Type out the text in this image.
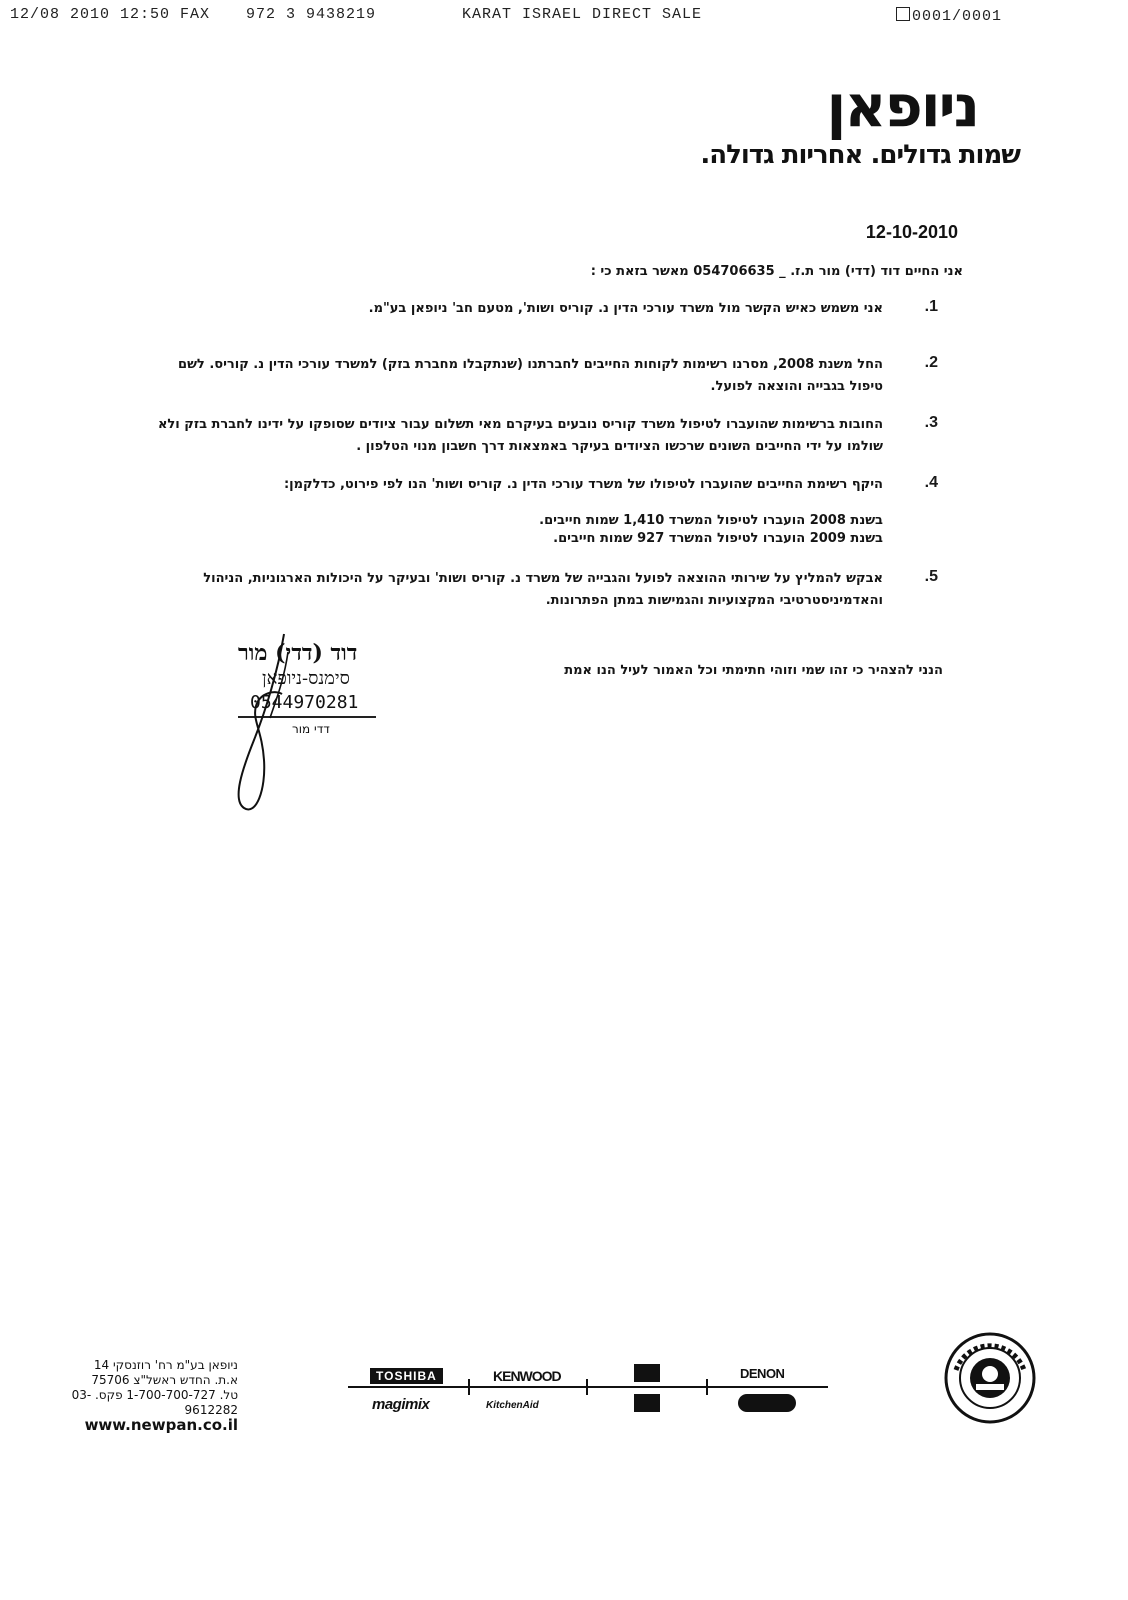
12/08 2010 12:50 FAX 972 3 9438219	KARAT ISRAEL DIRECT SALE	0001/0001
ניופאן
שמות גדולים. אחריות גדולה.
12-10-2010
אני החיים דוד (דדי) מור ת.ז. _ 054706635 מאשר בזאת כי :
.1
אני משמש כאיש הקשר מול משרד עורכי הדין נ. קוריס ושות', מטעם חב' ניופאן בע"מ.
.2
החל משנת 2008, מסרנו רשימות לקוחות החייבים לחברתנו (שנתקבלו מחברת בזק) למשרד עורכי הדין נ. קוריס. לשם טיפול בגבייה והוצאה לפועל.
.3
החובות ברשימות שהועברו לטיפול משרד קוריס נובעים בעיקרם מאי תשלום עבור ציודים שסופקו על ידינו לחברת בזק ולא שולמו על ידי החייבים השונים שרכשו הציודים בעיקר באמצאות דרך חשבון מנוי הטלפון .
.4
היקף רשימת החייבים שהועברו לטיפולו של משרד עורכי הדין נ. קוריס ושות' הנו לפי פירוט, כדלקמן:
בשנת 2008 הועברו לטיפול המשרד 1,410 שמות חייבים.
בשנת 2009 הועברו לטיפול המשרד 927 שמות חייבים.
.5
אבקש להמליץ על שירותי ההוצאה לפועל והגבייה של משרד נ. קוריס ושות' ובעיקר על היכולות הארגוניות, הניהול והאדמיניסטרטיבי המקצועיות והגמישות במתן הפתרונות.
הנני להצהיר כי זהו שמי וזוהי חתימתי וכל האמור לעיל הנו אמת
דוד (דדי) מור
סימנס-ניופאן
0544970281
דדי מור
ניופאן בע"מ רח' רוזנסקי 14
א.ת. החדש ראשל"צ 75706
טל. 1-700-700-727 פקס. 03-9612282
www.newpan.co.il
TOSHIBA
magimix
KENWOOD
KitchenAid
DENON
